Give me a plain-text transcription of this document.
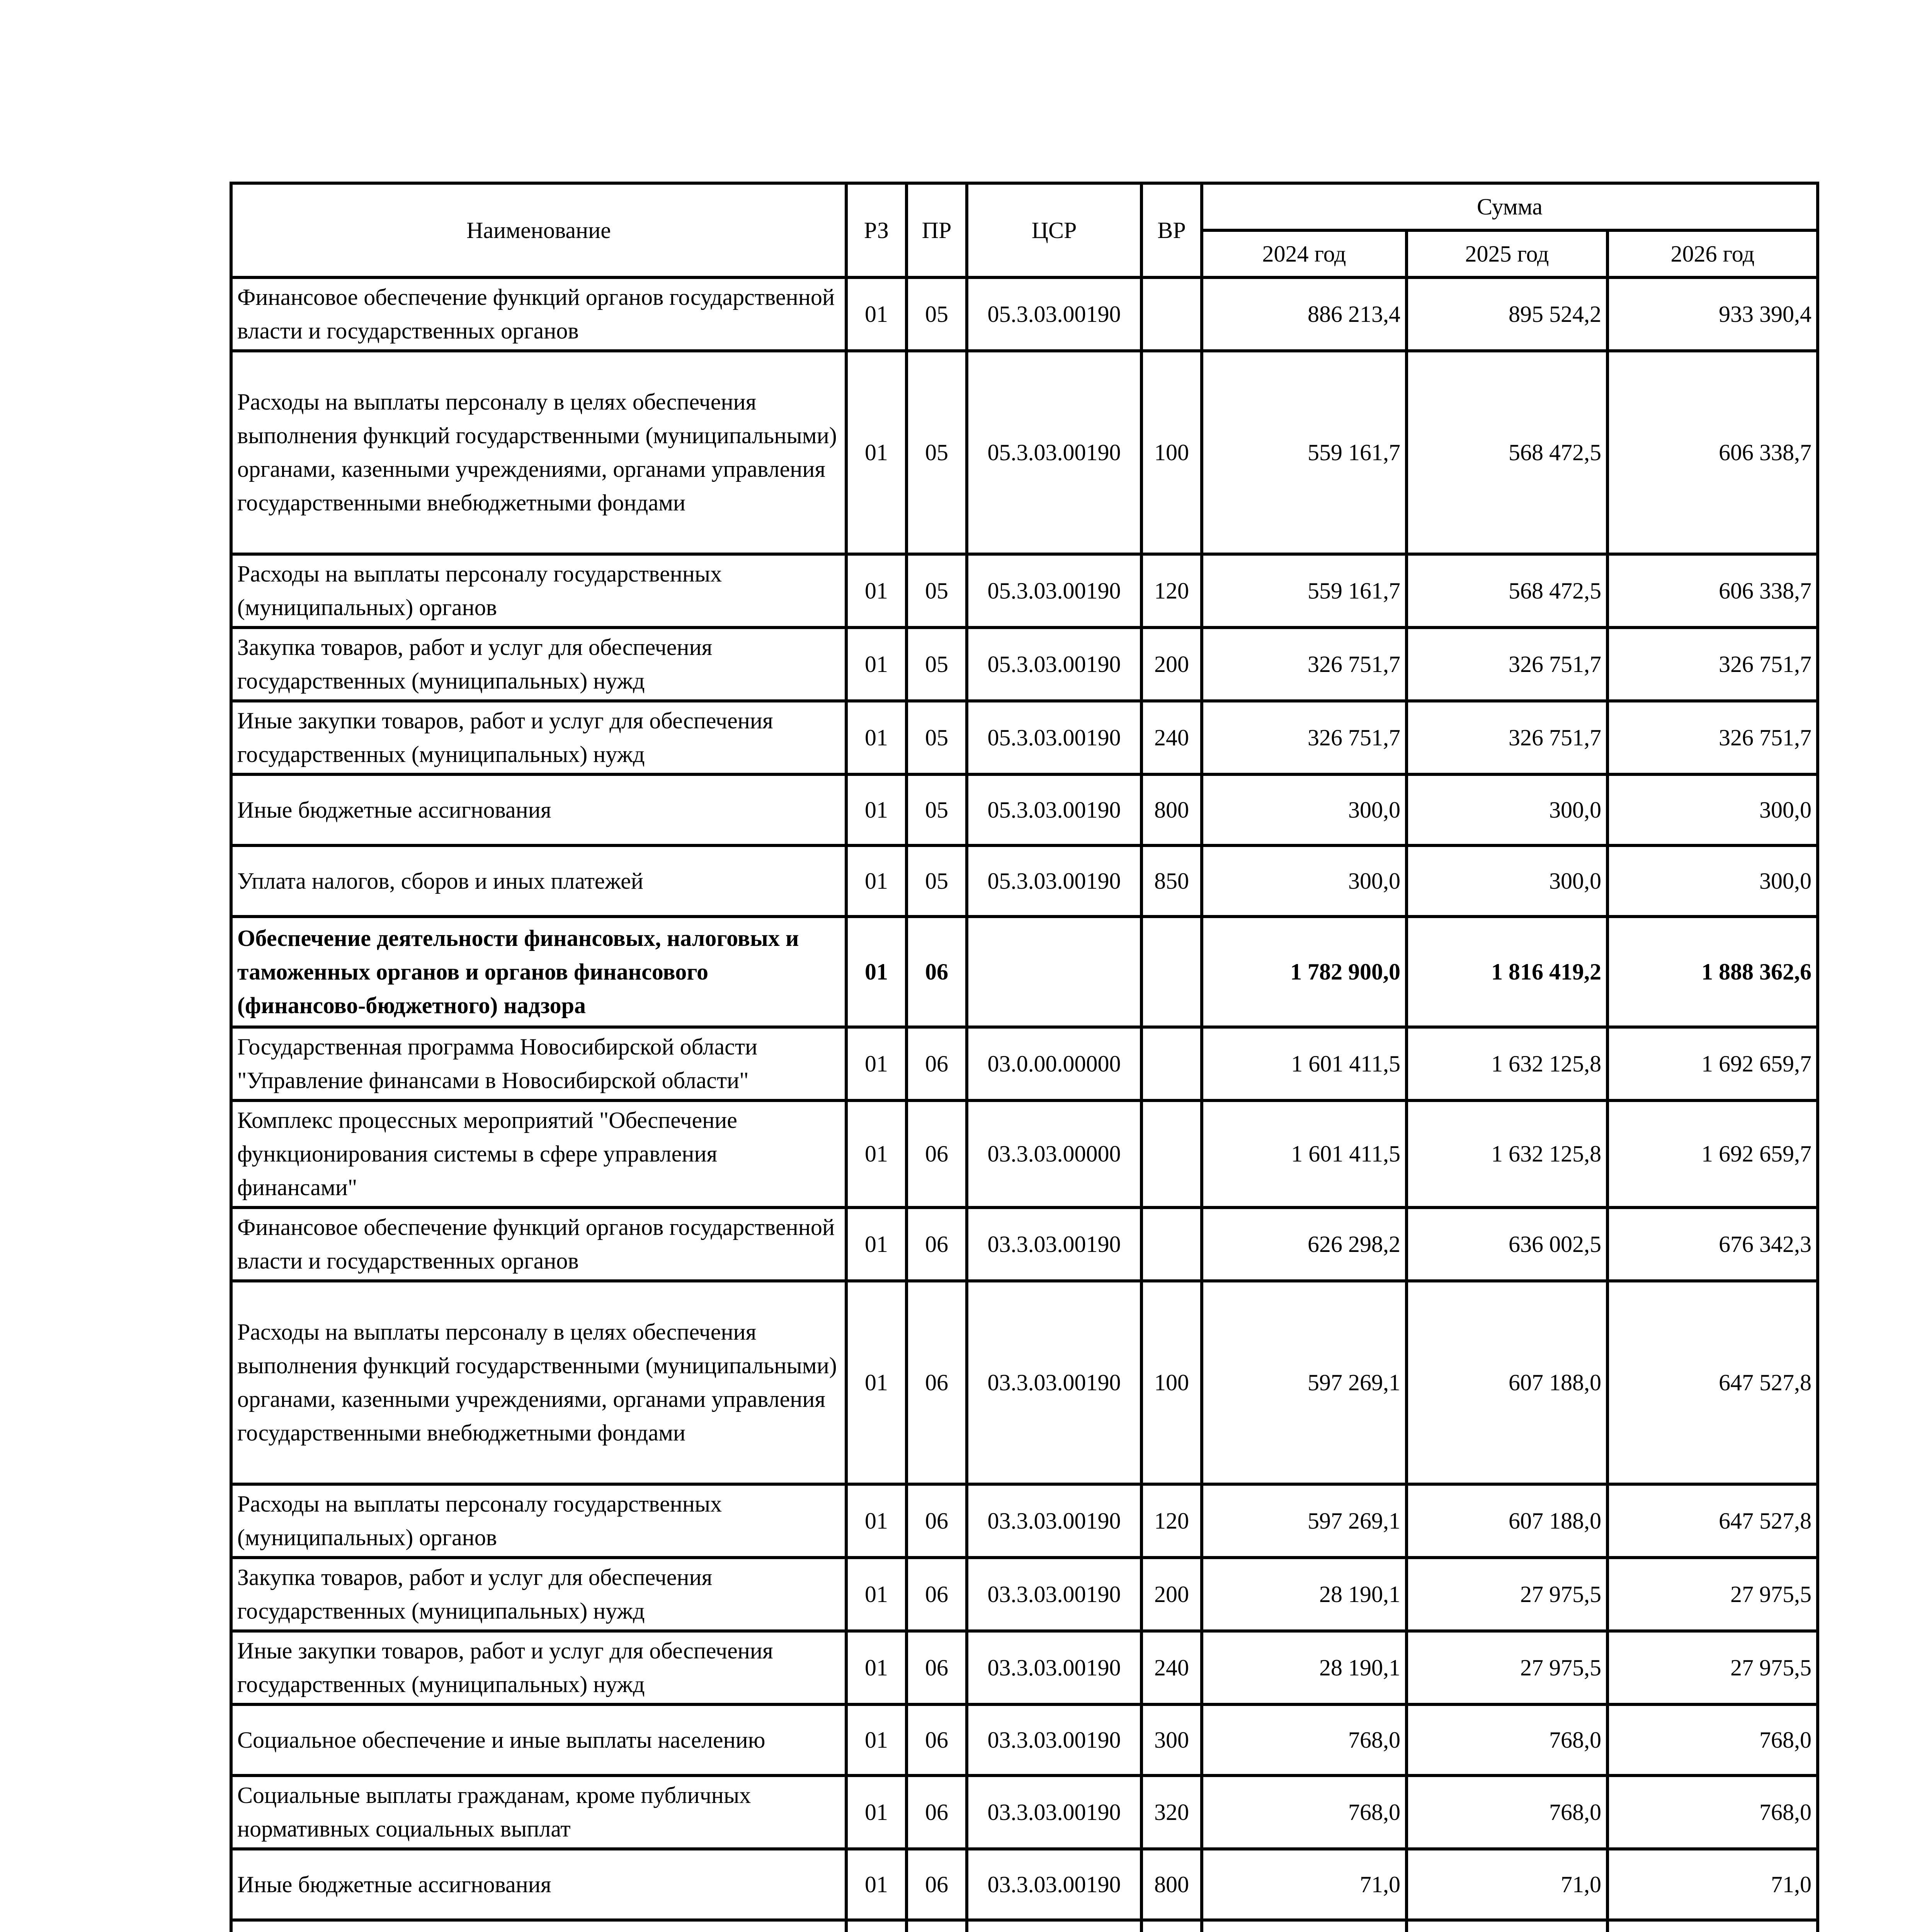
Наименование	РЗ	ПР	ЦСР	ВР	Сумма		
					2024 год	2025 год	2026 год
Финансовое обеспечение функций органов государственной власти и государственных органов	01	05	05.3.03.00190		886 213,4	895 524,2	933 390,4
Расходы на выплаты персоналу в целях обеспечения выполнения функций государственными (муниципальными) органами, казенными учреждениями, органами управления государственными внебюджетными фондами	01	05	05.3.03.00190	100	559 161,7	568 472,5	606 338,7
Расходы на выплаты персоналу государственных (муниципальных) органов	01	05	05.3.03.00190	120	559 161,7	568 472,5	606 338,7
Закупка товаров, работ и услуг для обеспечения государственных (муниципальных) нужд	01	05	05.3.03.00190	200	326 751,7	326 751,7	326 751,7
Иные закупки товаров, работ и услуг для обеспечения государственных (муниципальных) нужд	01	05	05.3.03.00190	240	326 751,7	326 751,7	326 751,7
Иные бюджетные ассигнования	01	05	05.3.03.00190	800	300,0	300,0	300,0
Уплата налогов, сборов и иных платежей	01	05	05.3.03.00190	850	300,0	300,0	300,0
Обеспечение деятельности финансовых, налоговых и таможенных органов и органов финансового (финансово-бюджетного) надзора	01	06			1 782 900,0	1 816 419,2	1 888 362,6
Государственная программа Новосибирской области "Управление финансами в Новосибирской области"	01	06	03.0.00.00000		1 601 411,5	1 632 125,8	1 692 659,7
Комплекс процессных мероприятий "Обеспечение функционирования системы в сфере управления финансами"	01	06	03.3.03.00000		1 601 411,5	1 632 125,8	1 692 659,7
Финансовое обеспечение функций органов государственной власти и государственных органов	01	06	03.3.03.00190		626 298,2	636 002,5	676 342,3
Расходы на выплаты персоналу в целях обеспечения выполнения функций государственными (муниципальными) органами, казенными учреждениями, органами управления государственными внебюджетными фондами	01	06	03.3.03.00190	100	597 269,1	607 188,0	647 527,8
Расходы на выплаты персоналу государственных (муниципальных) органов	01	06	03.3.03.00190	120	597 269,1	607 188,0	647 527,8
Закупка товаров, работ и услуг для обеспечения государственных (муниципальных) нужд	01	06	03.3.03.00190	200	28 190,1	27 975,5	27 975,5
Иные закупки товаров, работ и услуг для обеспечения государственных (муниципальных) нужд	01	06	03.3.03.00190	240	28 190,1	27 975,5	27 975,5
Социальное обеспечение и иные выплаты населению	01	06	03.3.03.00190	300	768,0	768,0	768,0
Социальные выплаты гражданам, кроме публичных нормативных социальных выплат	01	06	03.3.03.00190	320	768,0	768,0	768,0
Иные бюджетные ассигнования	01	06	03.3.03.00190	800	71,0	71,0	71,0
